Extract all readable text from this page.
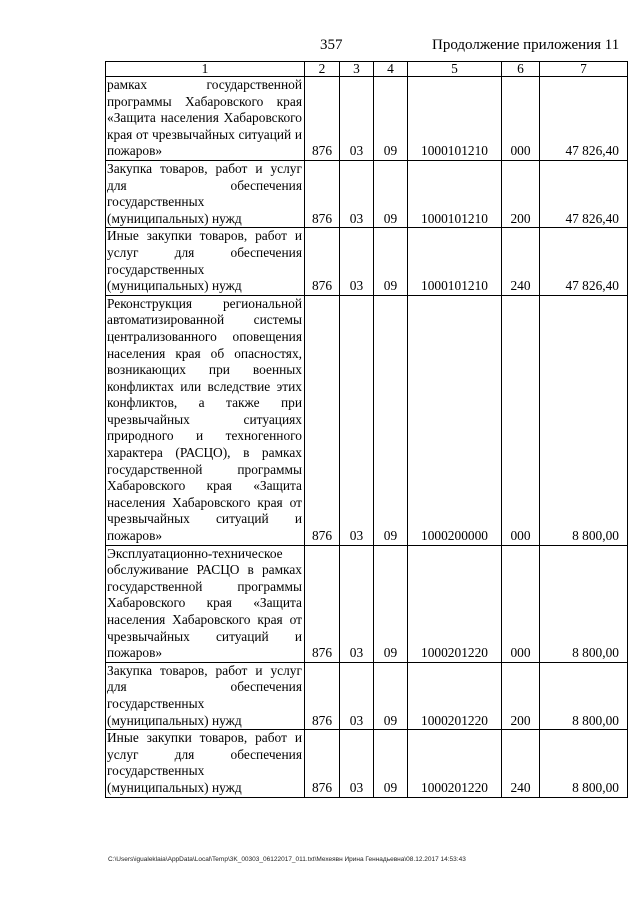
357	Продолжение приложения 11
1	2	3	4	5	6	7
рамках государственной программы Хабаровского края «Защита населения Хабаровского края от чрезвычайных ситуаций и пожаров»	876	03	09	1000101210	000	47 826,40
Закупка товаров, работ и услуг для обеспечения государственных (муниципальных) нужд	876	03	09	1000101210	200	47 826,40
Иные закупки товаров, работ и услуг для обеспечения государственных (муниципальных) нужд	876	03	09	1000101210	240	47 826,40
Реконструкция региональной автоматизированной системы централизованного оповещения населения края об опасностях, возникающих при военных конфликтах или вследствие этих конфликтов, а также при чрезвычайных ситуациях природного и техногенного характера (РАСЦО), в рамках государственной программы Хабаровского края «Защита населения Хабаровского края от чрезвычайных ситуаций и пожаров»	876	03	09	1000200000	000	8 800,00
Эксплуатационно-техническое обслуживание РАСЦО в рамках государственной программы Хабаровского края «Защита населения Хабаровского края от чрезвычайных ситуаций и пожаров»	876	03	09	1000201220	000	8 800,00
Закупка товаров, работ и услуг для обеспечения государственных (муниципальных) нужд	876	03	09	1000201220	200	8 800,00
Иные закупки товаров, работ и услуг для обеспечения государственных (муниципальных) нужд	876	03	09	1000201220	240	8 800,00
C:\Users\igualeklaia\AppData\Local\Temp\3K_00303_06122017_011.txt\Мехеявн Ирина Геннадьевна\08.12.2017 14:53:43
